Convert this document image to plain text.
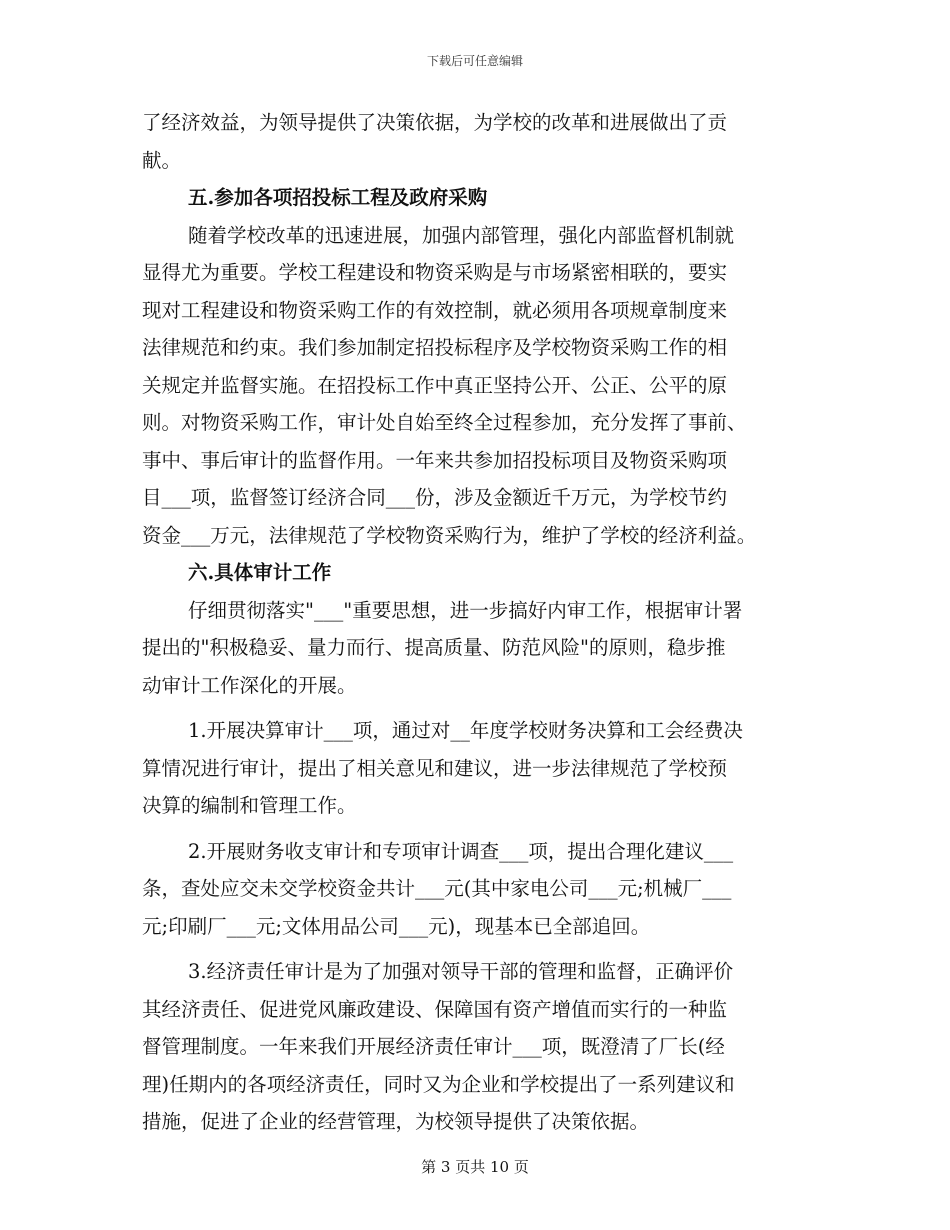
下载后可任意编辑
了经济效益，为领导提供了决策依据，为学校的改革和进展做出了贡
献。
五.参加各项招投标工程及政府采购
随着学校改革的迅速进展，加强内部管理，强化内部监督机制就
显得尤为重要。学校工程建设和物资采购是与市场紧密相联的，要实
现对工程建设和物资采购工作的有效控制，就必须用各项规章制度来
法律规范和约束。我们参加制定招投标程序及学校物资采购工作的相
关规定并监督实施。在招投标工作中真正坚持公开、公正、公平的原
则。对物资采购工作，审计处自始至终全过程参加，充分发挥了事前、
事中、事后审计的监督作用。一年来共参加招投标项目及物资采购项
目___项，监督签订经济合同___份，涉及金额近千万元，为学校节约
资金___万元，法律规范了学校物资采购行为，维护了学校的经济利益。
六.具体审计工作
仔细贯彻落实"___"重要思想，进一步搞好内审工作，根据审计署
提出的"积极稳妥、量力而行、提高质量、防范风险"的原则，稳步推
动审计工作深化的开展。
1.开展决算审计___项，通过对__年度学校财务决算和工会经费决
算情况进行审计，提出了相关意见和建议，进一步法律规范了学校预
决算的编制和管理工作。
2.开展财务收支审计和专项审计调查___项，提出合理化建议___
条，查处应交未交学校资金共计___元(其中家电公司___元;机械厂___
元;印刷厂___元;文体用品公司___元)，现基本已全部追回。
3.经济责任审计是为了加强对领导干部的管理和监督，正确评价
其经济责任、促进党风廉政建设、保障国有资产增值而实行的一种监
督管理制度。一年来我们开展经济责任审计___项，既澄清了厂长(经
理)任期内的各项经济责任，同时又为企业和学校提出了一系列建议和
措施，促进了企业的经营管理，为校领导提供了决策依据。
第 3 页共 10 页
